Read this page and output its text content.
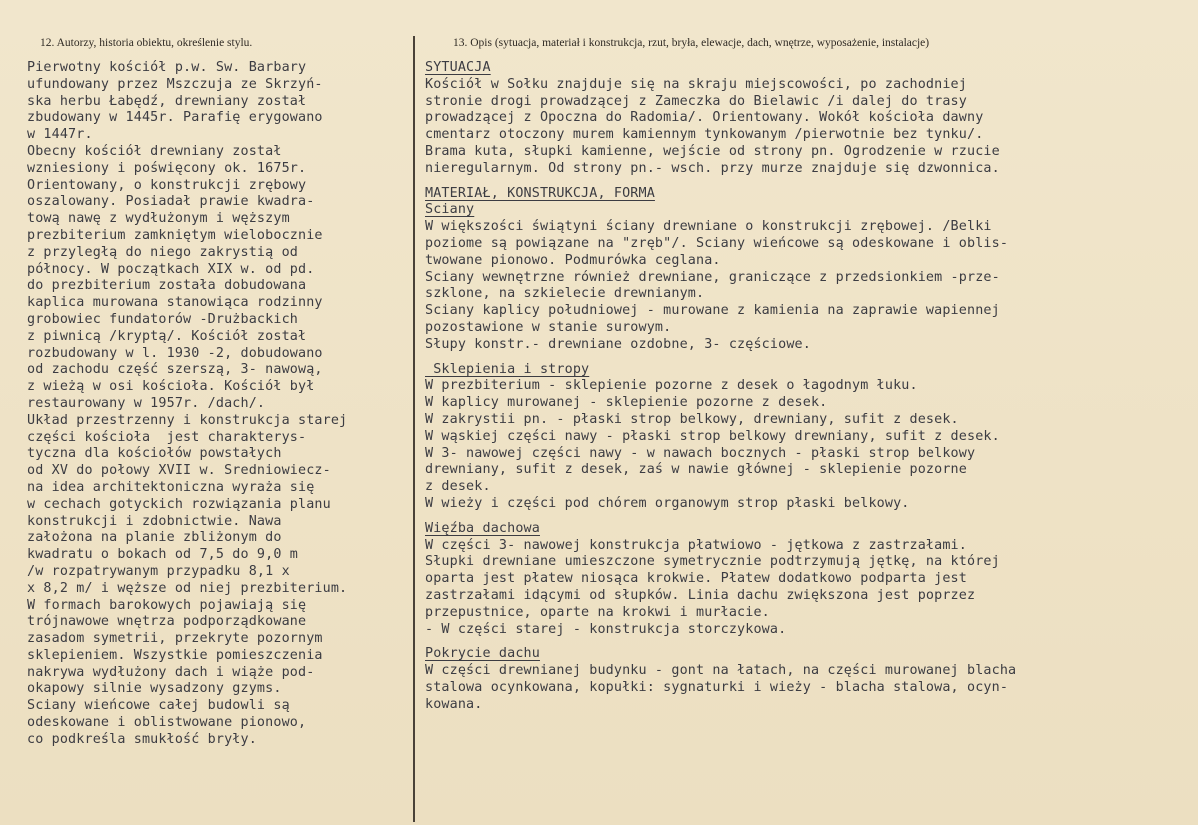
12. Autorzy, historia obiektu, określenie stylu.	13. Opis (sytuacja, materiał i konstrukcja, rzut, bryła, elewacje, dach, wnętrze, wyposażenie, instalacje)
Pierwotny kościół p.w. Sw. Barbary
ufundowany przez Mszczuja ze Skrzyń-
ska herbu Łabędź, drewniany został
zbudowany w 1445r. Parafię erygowano
w 1447r.
Obecny kościół drewniany został
wzniesiony i poświęcony ok. 1675r.
Orientowany, o konstrukcji zrębowy
oszalowany. Posiadał prawie kwadra-
tową nawę z wydłużonym i węższym
prezbiterium zamkniętym wielobocznie
z przyległą do niego zakrystią od
północy. W początkach XIX w. od pd.
do prezbiterium została dobudowana
kaplica murowana stanowiąca rodzinny
grobowiec fundatorów -Drużbackich
z piwnicą /kryptą/. Kościół został
rozbudowany w l. 1930 -2, dobudowano
od zachodu część szerszą, 3- nawową,
z wieżą w osi kościoła. Kościół był
restaurowany w 1957r. /dach/.
Układ przestrzenny i konstrukcja starej
części kościoła  jest charakterys-
tyczna dla kościołów powstałych
od XV do połowy XVII w. Sredniowiecz-
na idea architektoniczna wyraża się
w cechach gotyckich rozwiązania planu
konstrukcji i zdobnictwie. Nawa
założona na planie zbliżonym do
kwadratu o bokach od 7,5 do 9,0 m
/w rozpatrywanym przypadku 8,1 x
x 8,2 m/ i węższe od niej prezbiterium.
W formach barokowych pojawiają się
trójnawowe wnętrza podporządkowane
zasadom symetrii, przekryte pozornym
sklepieniem. Wszystkie pomieszczenia
nakrywa wydłużony dach i wiąże pod-
okapowy silnie wysadzony gzyms.
Sciany wieńcowe całej budowli są
odeskowane i oblistwowane pionowo,
co podkreśla smukłość bryły.
SYTUACJA
Kościół w Sołku znajduje się na skraju miejscowości, po zachodniej
stronie drogi prowadzącej z Zameczka do Bielawic /i dalej do trasy
prowadzącej z Opoczna do Radomia/. Orientowany. Wokół kościoła dawny
cmentarz otoczony murem kamiennym tynkowanym /pierwotnie bez tynku/.
Brama kuta, słupki kamienne, wejście od strony pn. Ogrodzenie w rzucie
nieregularnym. Od strony pn.- wsch. przy murze znajduje się dzwonnica.
MATERIAŁ, KONSTRUKCJA, FORMA
Sciany
W większości świątyni ściany drewniane o konstrukcji zrębowej. /Belki
poziome są powiązane na "zręb"/. Sciany wieńcowe są odeskowane i oblis-
twowane pionowo. Podmurówka ceglana.
Sciany wewnętrzne również drewniane, graniczące z przedsionkiem -prze-
szklone, na szkielecie drewnianym.
Sciany kaplicy południowej - murowane z kamienia na zaprawie wapiennej
pozostawione w stanie surowym.
Słupy konstr.- drewniane ozdobne, 3- częściowe.
Sklepienia i stropy
W prezbiterium - sklepienie pozorne z desek o łagodnym łuku.
W kaplicy murowanej - sklepienie pozorne z desek.
W zakrystii pn. - płaski strop belkowy, drewniany, sufit z desek.
W wąskiej części nawy - płaski strop belkowy drewniany, sufit z desek.
W 3- nawowej części nawy - w nawach bocznych - płaski strop belkowy
drewniany, sufit z desek, zaś w nawie głównej - sklepienie pozorne
z desek.
W wieży i części pod chórem organowym strop płaski belkowy.
Więźba dachowa
W części 3- nawowej konstrukcja płatwiowo - jętkowa z zastrzałami.
Słupki drewniane umieszczone symetrycznie podtrzymują jętkę, na której
oparta jest płatew niosąca krokwie. Płatew dodatkowo podparta jest
zastrzałami idącymi od słupków. Linia dachu zwiększona jest poprzez
przepustnice, oparte na krokwi i murłacie.
- W części starej - konstrukcja storczykowa.
Pokrycie dachu
W części drewnianej budynku - gont na łatach, na części murowanej blacha
stalowa ocynkowana, kopułki: sygnaturki i wieży - blacha stalowa, ocyn-
kowana.
